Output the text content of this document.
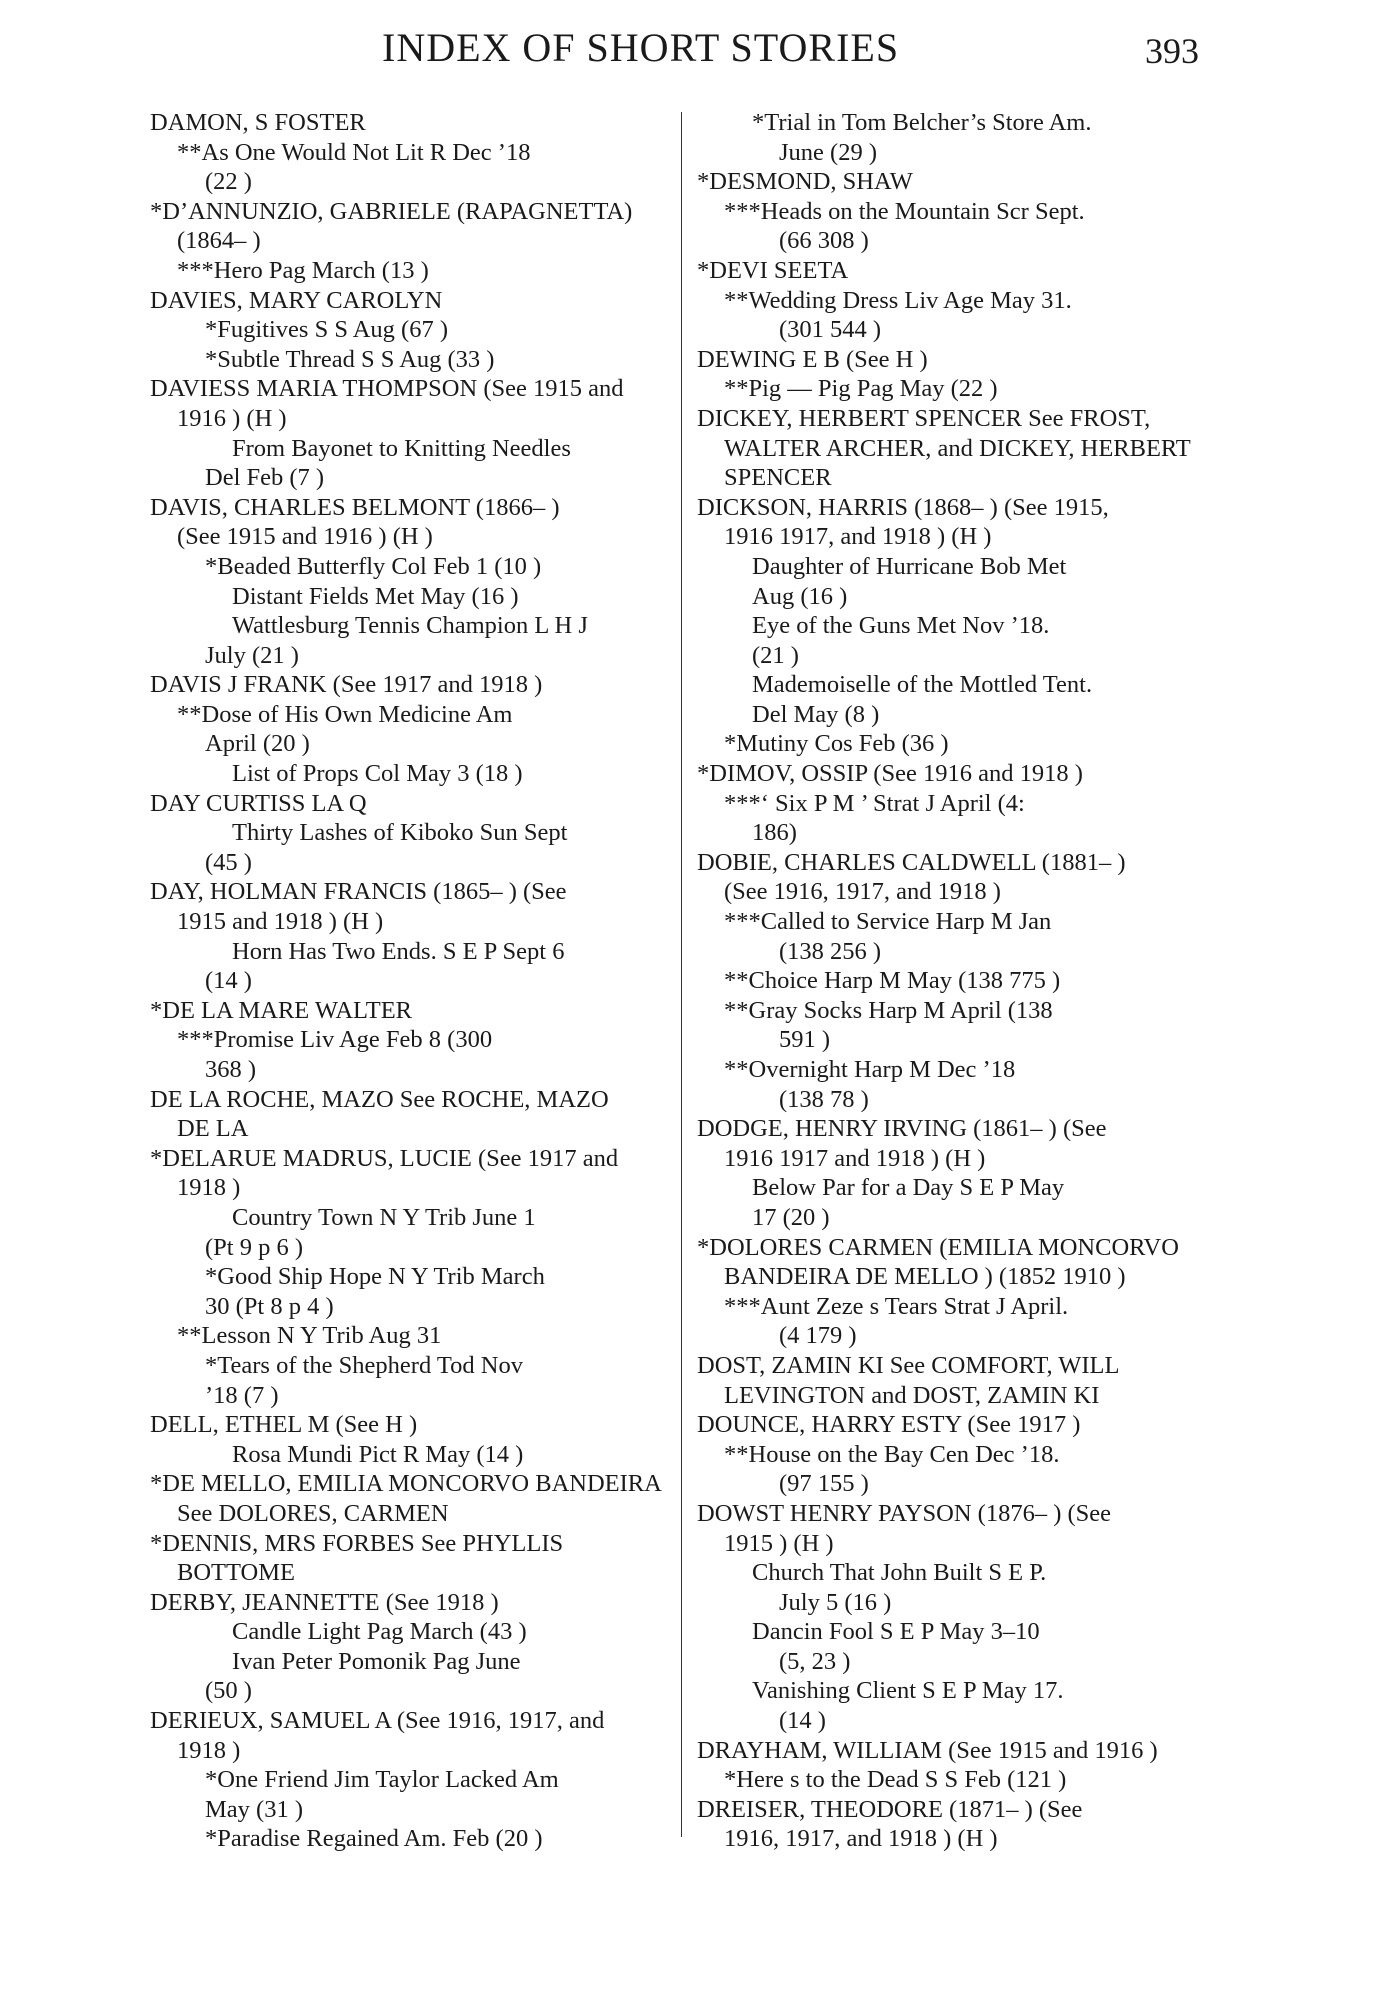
INDEX OF SHORT STORIES	393
DAMON, S FOSTER
**As One Would Not Lit R Dec ’18
(22 )
*D’ANNUNZIO, GABRIELE (RAPAGNETTA)
(1864– )
***Hero Pag March (13 )
DAVIES, MARY CAROLYN
*Fugitives S S Aug (67 )
*Subtle Thread S S Aug (33 )
DAVIESS MARIA THOMPSON (See 1915 and
1916 ) (H )
From Bayonet to Knitting Needles
Del Feb (7 )
DAVIS, CHARLES BELMONT (1866– )
(See 1915 and 1916 ) (H )
*Beaded Butterfly Col Feb 1 (10 )
Distant Fields Met May (16 )
Wattlesburg Tennis Champion L H J
July (21 )
DAVIS J FRANK (See 1917 and 1918 )
**Dose of His Own Medicine Am
April (20 )
List of Props Col May 3 (18 )
DAY CURTISS LA Q
Thirty Lashes of Kiboko Sun Sept
(45 )
DAY, HOLMAN FRANCIS (1865– ) (See
1915 and 1918 ) (H )
Horn Has Two Ends. S E P Sept 6
(14 )
*DE LA MARE WALTER
***Promise Liv Age Feb 8 (300
368 )
DE LA ROCHE, MAZO See ROCHE, MAZO
DE LA
*DELARUE MADRUS, LUCIE (See 1917 and
1918 )
Country Town N Y Trib June 1
(Pt 9 p 6 )
*Good Ship Hope N Y Trib March
30 (Pt 8 p 4 )
**Lesson N Y Trib Aug 31
*Tears of the Shepherd Tod Nov
’18 (7 )
DELL, ETHEL M (See H )
Rosa Mundi Pict R May (14 )
*DE MELLO, EMILIA MONCORVO BANDEIRA
See DOLORES, CARMEN
*DENNIS, MRS FORBES See PHYLLIS
BOTTOME
DERBY, JEANNETTE (See 1918 )
Candle Light Pag March (43 )
Ivan Peter Pomonik Pag June
(50 )
DERIEUX, SAMUEL A (See 1916, 1917, and
1918 )
*One Friend Jim Taylor Lacked Am
May (31 )
*Paradise Regained Am. Feb (20 )
*Trial in Tom Belcher’s Store Am.
June (29 )
*DESMOND, SHAW
***Heads on the Mountain Scr Sept.
(66 308 )
*DEVI SEETA
**Wedding Dress Liv Age May 31.
(301 544 )
DEWING E B (See H )
**Pig — Pig Pag May (22 )
DICKEY, HERBERT SPENCER See FROST,
WALTER ARCHER, and DICKEY, HERBERT
SPENCER
DICKSON, HARRIS (1868– ) (See 1915,
1916 1917, and 1918 ) (H )
Daughter of Hurricane Bob Met
Aug (16 )
Eye of the Guns Met Nov ’18.
(21 )
Mademoiselle of the Mottled Tent.
Del May (8 )
*Mutiny Cos Feb (36 )
*DIMOV, OSSIP (See 1916 and 1918 )
***‘ Six P M ’ Strat J April (4:
186)
DOBIE, CHARLES CALDWELL (1881– )
(See 1916, 1917, and 1918 )
***Called to Service Harp M Jan
(138 256 )
**Choice Harp M May (138 775 )
**Gray Socks Harp M April (138
591 )
**Overnight Harp M Dec ’18
(138 78 )
DODGE, HENRY IRVING (1861– ) (See
1916 1917 and 1918 ) (H )
Below Par for a Day S E P May
17 (20 )
*DOLORES CARMEN (EMILIA MONCORVO
BANDEIRA DE MELLO ) (1852 1910 )
***Aunt Zeze s Tears Strat J April.
(4 179 )
DOST, ZAMIN KI See COMFORT, WILL
LEVINGTON and DOST, ZAMIN KI
DOUNCE, HARRY ESTY (See 1917 )
**House on the Bay Cen Dec ’18.
(97 155 )
DOWST HENRY PAYSON (1876– ) (See
1915 ) (H )
Church That John Built S E P.
July 5 (16 )
Dancin Fool S E P May 3–10
(5, 23 )
Vanishing Client S E P May 17.
(14 )
DRAYHAM, WILLIAM (See 1915 and 1916 )
*Here s to the Dead S S Feb (121 )
DREISER, THEODORE (1871– ) (See
1916, 1917, and 1918 ) (H )
